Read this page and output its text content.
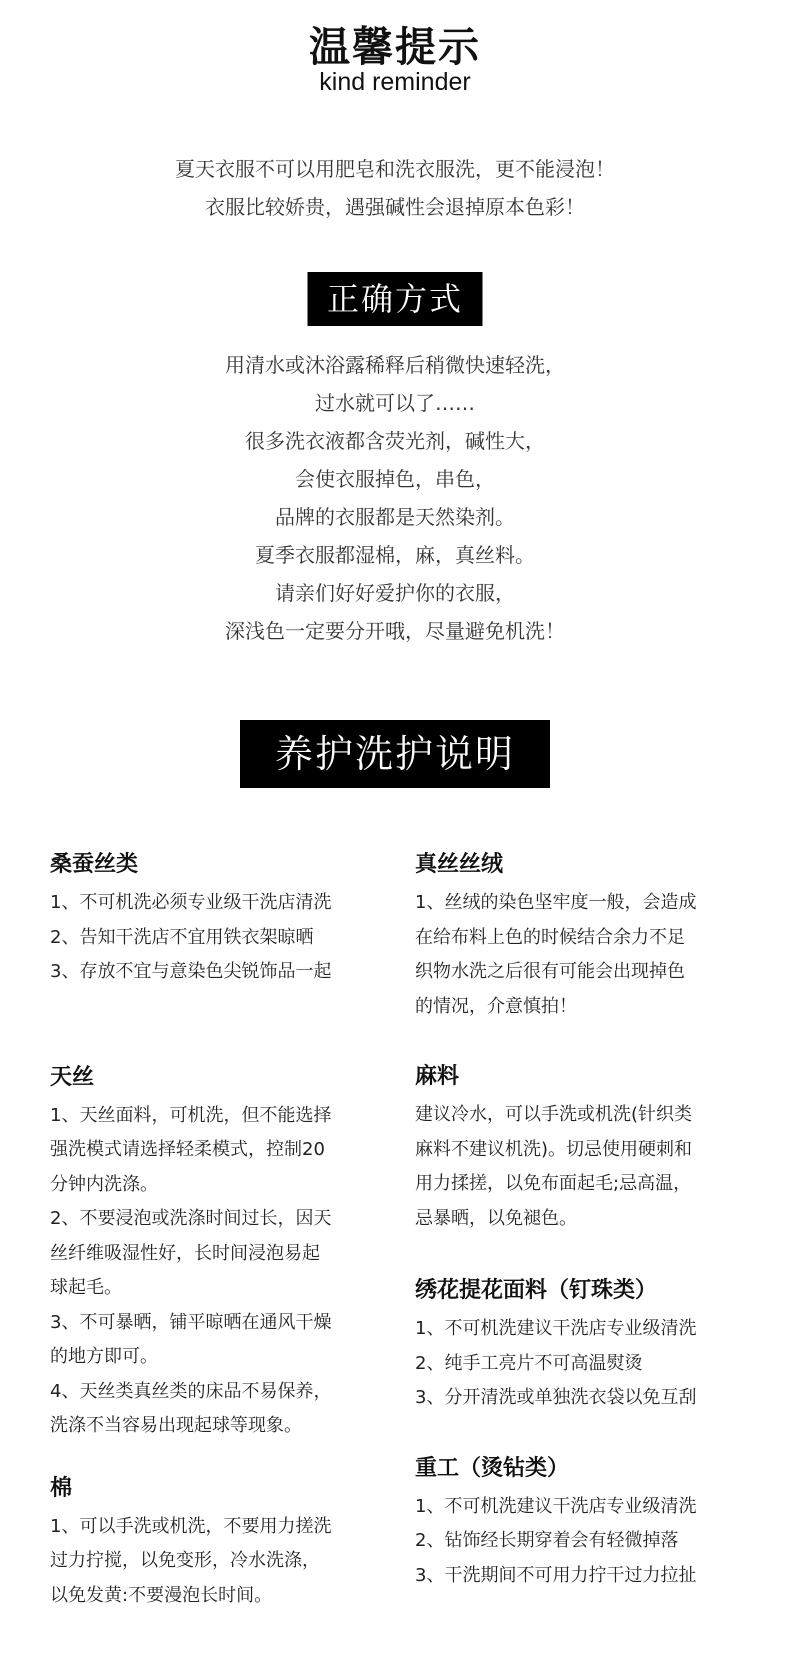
温馨提示
kind reminder
夏天衣服不可以用肥皂和洗衣服洗，更不能浸泡！
衣服比较娇贵，遇强碱性会退掉原本色彩！
正确方式
用清水或沐浴露稀释后稍微快速轻洗，
过水就可以了……
很多洗衣液都含荧光剂，碱性大，
会使衣服掉色，串色，
品牌的衣服都是天然染剂。
夏季衣服都湿棉，麻，真丝料。
请亲们好好爱护你的衣服，
深浅色一定要分开哦，尽量避免机洗！
养护洗护说明
桑蚕丝类
1、不可机洗必须专业级干洗店清洗
2、告知干洗店不宜用铁衣架晾晒
3、存放不宜与意染色尖锐饰品一起
天丝
1、天丝面料，可机洗，但不能选择
强洗模式请选择轻柔模式，控制20
分钟内洗涤。
2、不要浸泡或洗涤时间过长，因天
丝纤维吸湿性好，长时间浸泡易起
球起毛。
3、不可暴晒，铺平晾晒在通风干燥
的地方即可。
4、天丝类真丝类的床品不易保养，
洗涤不当容易出现起球等现象。
棉
1、可以手洗或机洗，不要用力搓洗
过力拧搅，以免变形，冷水洗涤，
以免发黄:不要漫泡长时间。
真丝丝绒
1、丝绒的染色坚牢度一般，会造成
在给布料上色的时候结合余力不足
织物水洗之后很有可能会出现掉色
的情况，介意慎拍！
麻料
建议冷水，可以手洗或机洗(针织类
麻料不建议机洗)。切忌使用硬刺和
用力揉搓，以免布面起毛;忌高温，
忌暴晒，以免褪色。
绣花提花面料（钉珠类）
1、不可机洗建议干洗店专业级清洗
2、纯手工亮片不可高温熨烫
3、分开清洗或单独洗衣袋以免互刮
重工（烫钻类）
1、不可机洗建议干洗店专业级清洗
2、钻饰经长期穿着会有轻微掉落
3、干洗期间不可用力拧干过力拉扯
